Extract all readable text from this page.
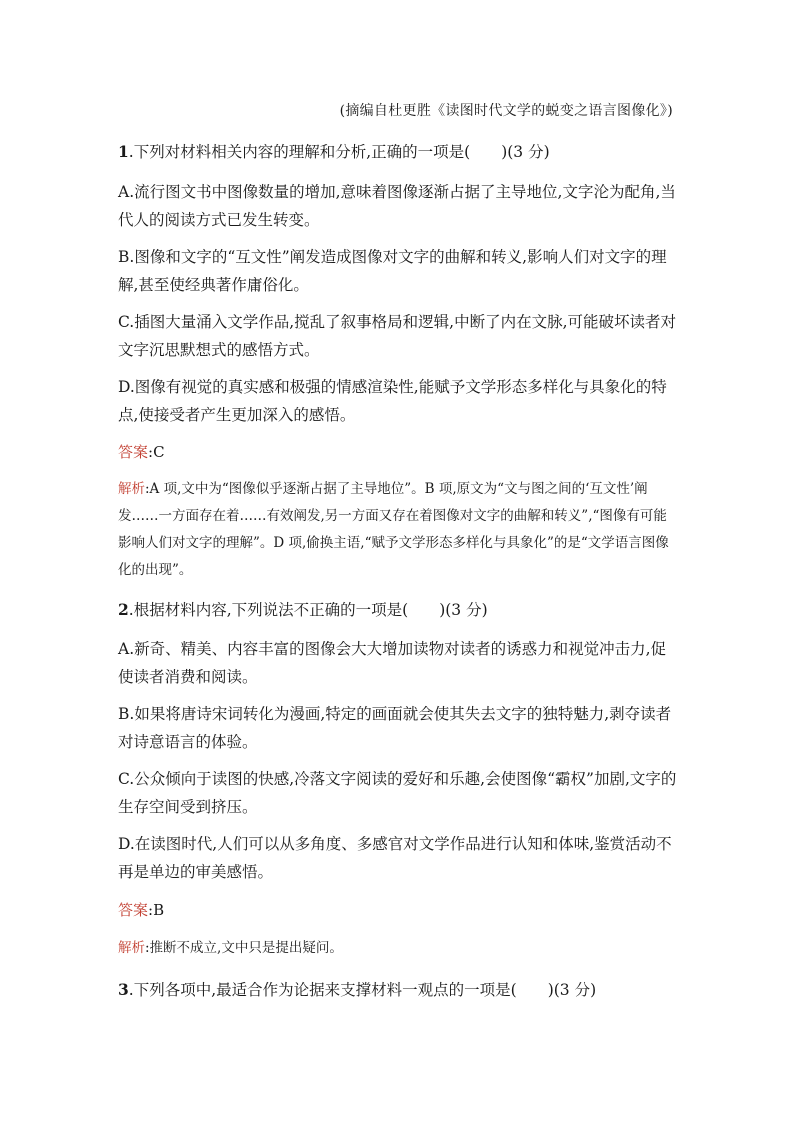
(摘编自杜更胜《读图时代文学的蜕变之语言图像化》)
1.下列对材料相关内容的理解和分析,正确的一项是(　　)(3 分)
A.流行图文书中图像数量的增加,意味着图像逐渐占据了主导地位,文字沦为配角,当代人的阅读方式已发生转变。
B.图像和文字的“互文性”阐发造成图像对文字的曲解和转义,影响人们对文字的理解,甚至使经典著作庸俗化。
C.插图大量涌入文学作品,搅乱了叙事格局和逻辑,中断了内在文脉,可能破坏读者对文字沉思默想式的感悟方式。
D.图像有视觉的真实感和极强的情感渲染性,能赋予文学形态多样化与具象化的特点,使接受者产生更加深入的感悟。
答案:C
解析:A 项,文中为“图像似乎逐渐占据了主导地位”。B 项,原文为“文与图之间的‘互文性’阐发……一方面存在着……有效阐发,另一方面又存在着图像对文字的曲解和转义”,“图像有可能影响人们对文字的理解”。D 项,偷换主语,“赋予文学形态多样化与具象化”的是“文学语言图像化的出现”。
2.根据材料内容,下列说法不正确的一项是(　　)(3 分)
A.新奇、精美、内容丰富的图像会大大增加读物对读者的诱惑力和视觉冲击力,促使读者消费和阅读。
B.如果将唐诗宋词转化为漫画,特定的画面就会使其失去文字的独特魅力,剥夺读者对诗意语言的体验。
C.公众倾向于读图的快感,冷落文字阅读的爱好和乐趣,会使图像“霸权”加剧,文字的生存空间受到挤压。
D.在读图时代,人们可以从多角度、多感官对文学作品进行认知和体味,鉴赏活动不再是单边的审美感悟。
答案:B
解析:推断不成立,文中只是提出疑问。
3.下列各项中,最适合作为论据来支撑材料一观点的一项是(　　)(3 分)
